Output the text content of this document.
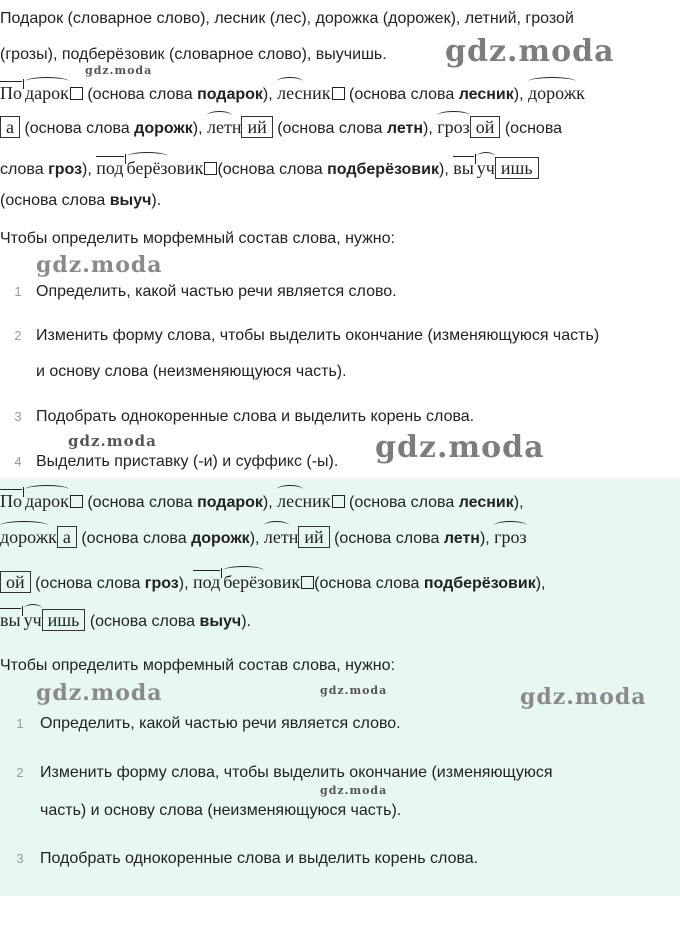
Подарок (словарное слово), лесник (лес), дорожка (дорожек), летний, грозой
(грозы), подберёзовик (словарное слово), выучишь.
По дарок (основа слова подарок), лесник (основа слова лесник), дорожк
а (основа слова дорожк), летн ий (основа слова летн), гроз ой (основа
слова гроз), под берёзовик (основа слова подберёзовик), вы уч ишь
(основа слова выуч).
Чтобы определить морфемный состав слова, нужно:
1 Определить, какой частью речи является слово.
2 Изменить форму слова, чтобы выделить окончание (изменяющуюся часть)
и основу слова (неизменяющуюся часть).
3 Подобрать однокоренные слова и выделить корень слова.
4 Выделить приставку (-и) и суффикс (-ы).
По дарок (основа слова подарок), лесник (основа слова лесник),
дорожк а (основа слова дорожк), летн ий (основа слова летн), гроз
ой (основа слова гроз), под берёзовик (основа слова подберёзовик),
вы уч ишь (основа слова выуч).
Чтобы определить морфемный состав слова, нужно:
1 Определить, какой частью речи является слово.
2 Изменить форму слова, чтобы выделить окончание (изменяющуюся
часть) и основу слова (неизменяющуюся часть).
3 Подобрать однокоренные слова и выделить корень слова.
gdz.moda
gdz.moda
gdz.moda
gdz.moda	gdz.moda
gdz.moda	gdz.moda	gdz.moda
gdz.moda
